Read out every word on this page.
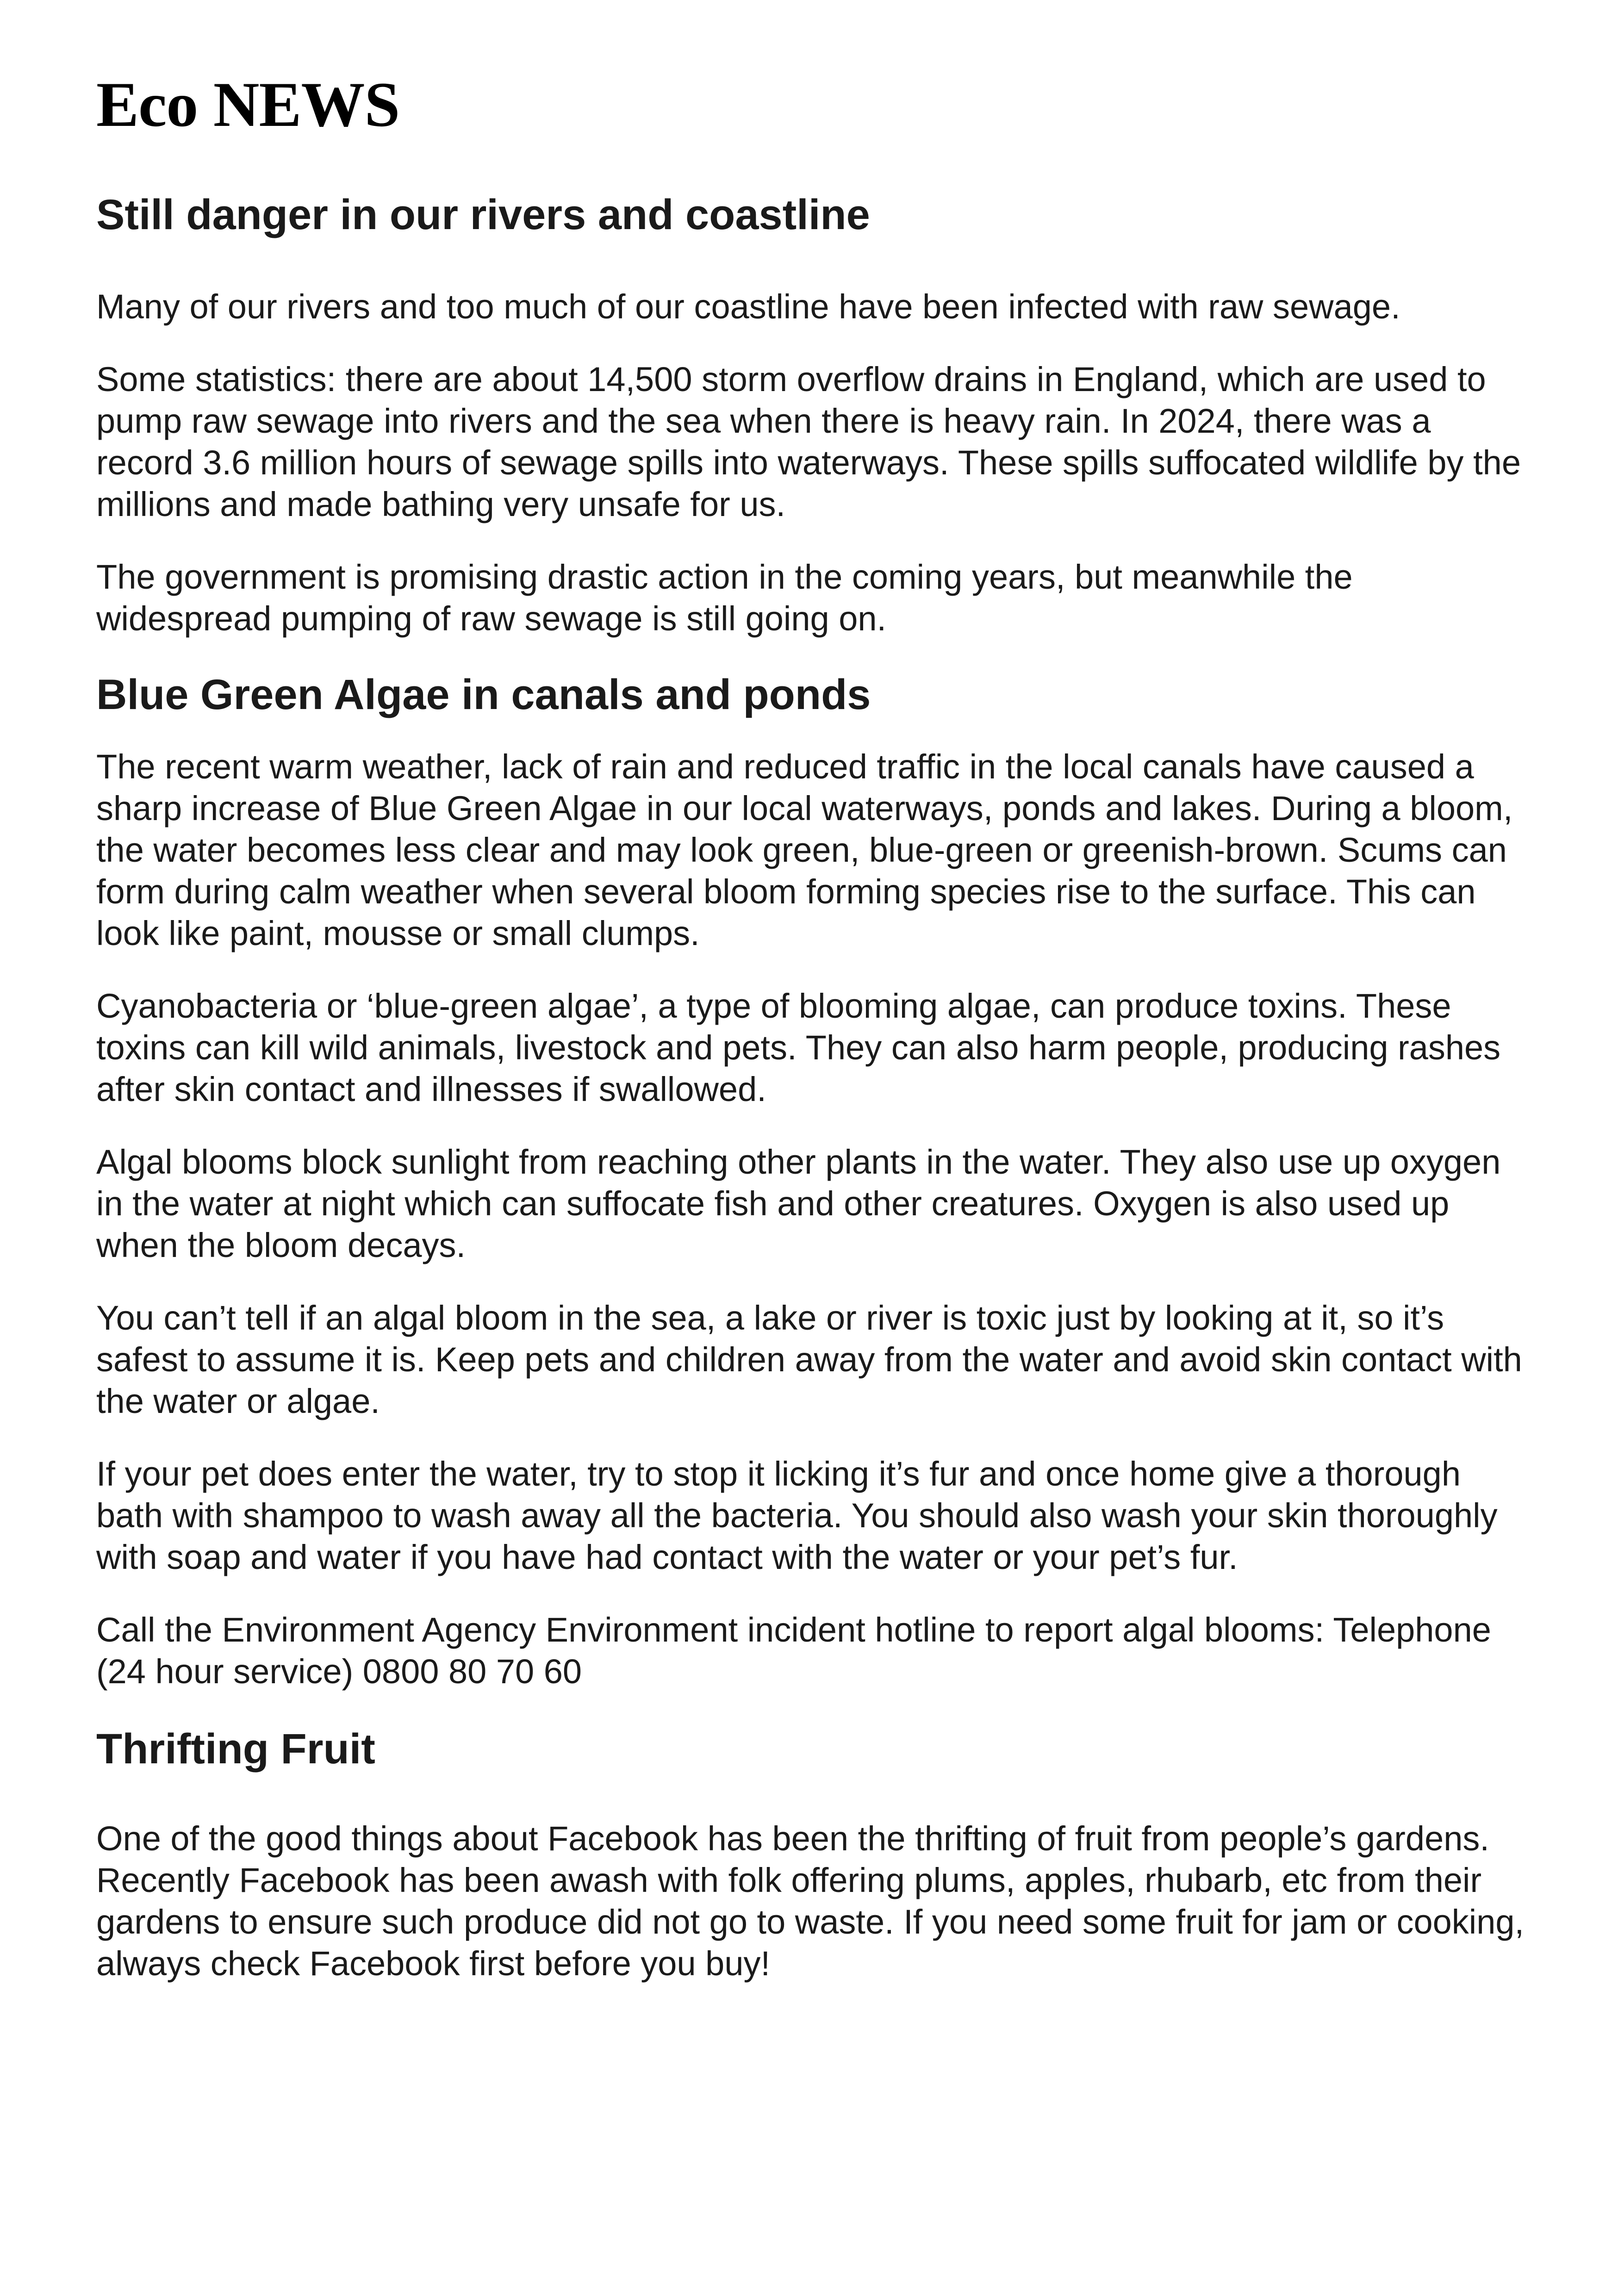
Eco NEWS
Still danger in our rivers and coastline

Many of our rivers and too much of our coastline have been infected with raw sewage.

Some statistics: there are about 14,500 storm overflow drains in England, which are used to pump raw sewage into rivers and the sea when there is heavy rain. In 2024, there was a record 3.6 million hours of sewage spills into waterways. These spills suffocated wildlife by the millions and made bathing very unsafe for us.

The government is promising drastic action in the coming years, but meanwhile the widespread pumping of raw sewage is still going on.

Blue Green Algae in canals and ponds

The recent warm weather, lack of rain and reduced traffic in the local canals have caused a sharp increase of Blue Green Algae in our local waterways, ponds and lakes. During a bloom, the water becomes less clear and may look green, blue-green or greenish-brown. Scums can form during calm weather when several bloom forming species rise to the surface. This can look like paint, mousse or small clumps.

Cyanobacteria or ‘blue-green algae’, a type of blooming algae, can produce toxins. These toxins can kill wild animals, livestock and pets. They can also harm people, producing rashes after skin contact and illnesses if swallowed.

Algal blooms block sunlight from reaching other plants in the water. They also use up oxygen in the water at night which can suffocate fish and other creatures. Oxygen is also used up when the bloom decays.

You can’t tell if an algal bloom in the sea, a lake or river is toxic just by looking at it, so it’s safest to assume it is. Keep pets and children away from the water and avoid skin contact with the water or algae.

If your pet does enter the water, try to stop it licking it’s fur and once home give a thorough bath with shampoo to wash away all the bacteria. You should also wash your skin thoroughly with soap and water if you have had contact with the water or your pet’s fur.

Call the Environment Agency Environment incident hotline to report algal blooms: Telephone (24 hour service) 0800 80 70 60

Thrifting Fruit

One of the good things about Facebook has been the thrifting of fruit from people’s gardens. Recently Facebook has been awash with folk offering plums, apples, rhubarb, etc from their gardens to ensure such produce did not go to waste. If you need some fruit for jam or cooking, always check Facebook first before you buy!
